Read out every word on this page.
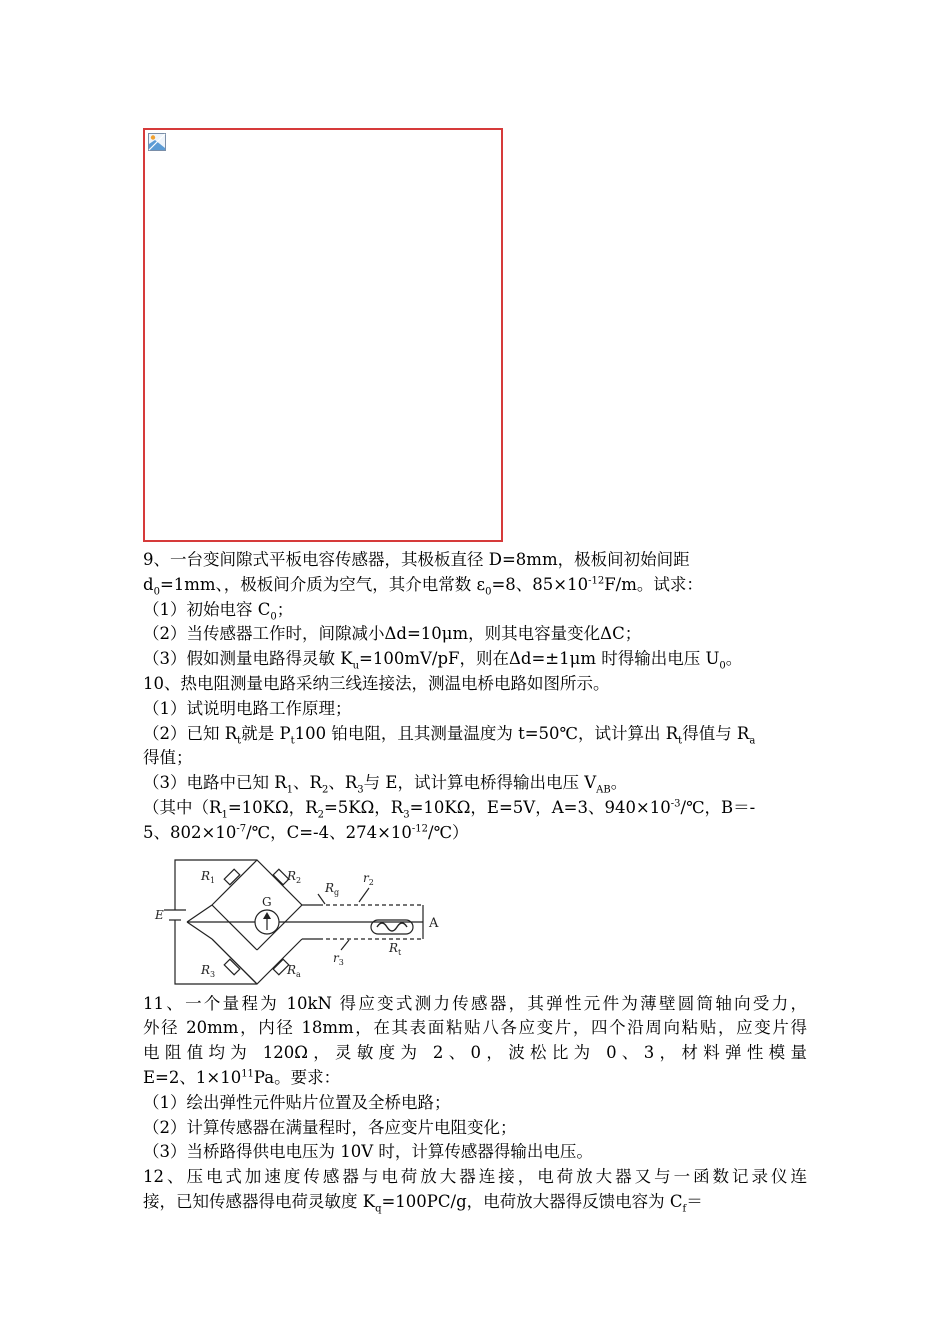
9、一台变间隙式平板电容传感器，其极板直径 D=8mm，极板间初始间距
$d_0=1mm$、，极板间介质为空气，其介电常数 $\varepsilon_0=8$、$85\times 10^{-12}F/m$。试求：
（1）初始电容 $C_0$；
（2）当传感器工作时，间隙减小Δd=10μm，则其电容量变化ΔC；
（3）假如测量电路得灵敏 $K_u=100mV/pF$，则在Δd=±1μm 时得输出电压 $U_0$。
10、热电阻测量电路采纳三线连接法，测温电桥电路如图所示。
（1）试说明电路工作原理；
（2）已知 $R_t$就是 $P_t100$ 铂电阻，且其测量温度为 t=50℃，试计算出 $R_t$得值与 $R_a$
得值；
（3）电路中已知 $R_1$、$R_2$、$R_3$与 E，试计算电桥得输出电压 $V_{AB}$。
（其中（$R_1=10K\Omega$，$R_2=5K\Omega$，$R_3=10K\Omega$，E=5V，A=3、$940\times 10^{-3}/℃$，B＝-
5、$802\times 10^{-7}/℃$，C=-4、$274\times 10^{-12}/℃$）
$R_1$	$R_2$
$R_3$	$R_a$
E
$R_g$
$r_2$
$r_3$
$R_t$
G
A
11、一个量程为 10kN 得应变式测力传感器，其弹性元件为薄壁圆筒轴向受力，
外径 20mm，内径 18mm，在其表面粘贴八各应变片，四个沿周向粘贴，应变片得
电阻值均为 120Ω，灵敏度为 2、0，波松比为 0、3，材料弹性模量
E=2、$1\times 10^{11}Pa$。要求：
（1）绘出弹性元件贴片位置及全桥电路；
（2）计算传感器在满量程时，各应变片电阻变化；
（3）当桥路得供电电压为 10V 时，计算传感器得输出电压。
12、压电式加速度传感器与电荷放大器连接，电荷放大器又与一函数记录仪连
接，已知传感器得电荷灵敏度 $K_q=100PC/g$，电荷放大器得反馈电容为 $C_f=$
